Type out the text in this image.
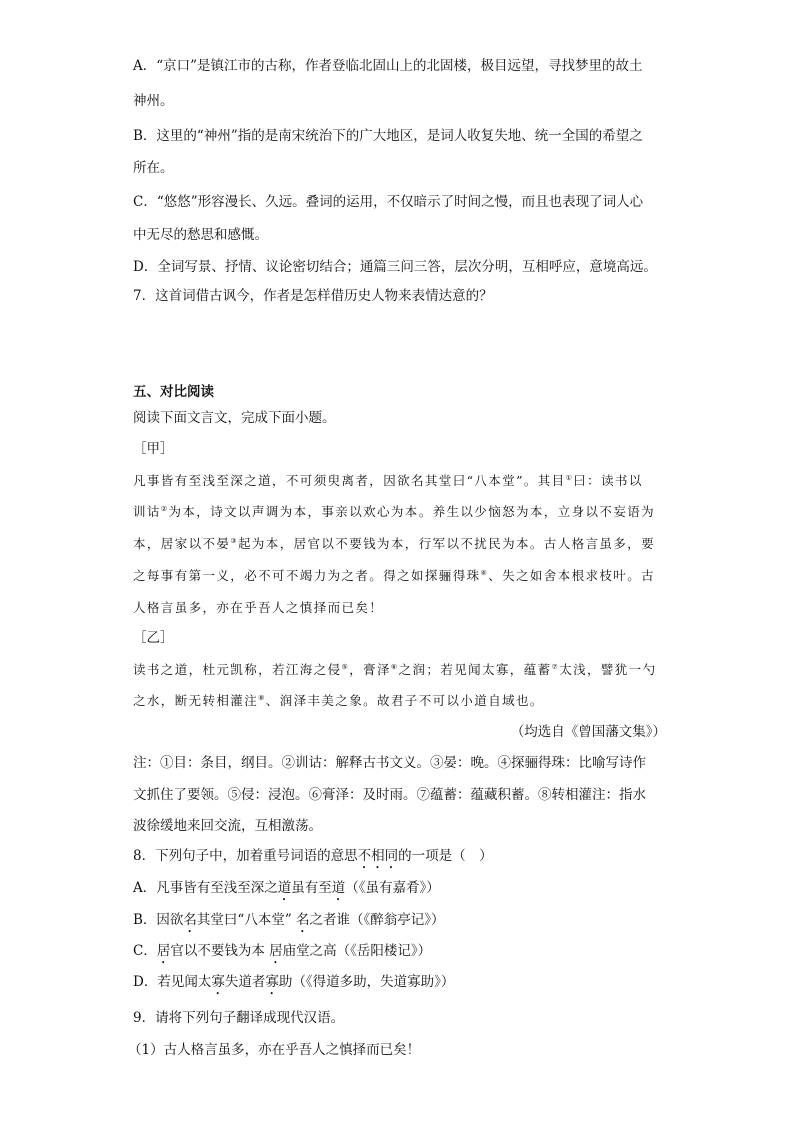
A．“京口”是镇江市的古称，作者登临北固山上的北固楼，极目远望，寻找梦里的故土
神州。
B．这里的“神州”指的是南宋统治下的广大地区，是词人收复失地、统一全国的希望之
所在。
C．“悠悠”形容漫长、久远。叠词的运用，不仅暗示了时间之慢，而且也表现了词人心
中无尽的愁思和感慨。
D．全词写景、抒情、议论密切结合；通篇三问三答，层次分明，互相呼应，意境高远。
7．这首词借古讽今，作者是怎样借历史人物来表情达意的？
五、对比阅读
阅读下面文言文，完成下面小题。
［甲］
凡事皆有至浅至深之道，不可须臾离者，因欲名其堂曰“八本堂”。其目①曰：读书以
训诂②为本，诗文以声调为本，事亲以欢心为本。养生以少恼怒为本，立身以不妄语为
本，居家以不晏③起为本，居官以不要钱为本，行军以不扰民为本。古人格言虽多，要
之每事有第一义，必不可不竭力为之者。得之如探骊得珠④、失之如舍本根求枝叶。古
人格言虽多，亦在乎吾人之慎择而已矣！
［乙］
读书之道，杜元凯称，若江海之侵⑤，膏泽⑥之润；若见闻太寡，蕴蓄⑦太浅，譬犹一勺
之水，断无转相灌注⑧、润泽丰美之象。故君子不可以小道自域也。
（均选自《曾国藩文集》）
注：①目：条目，纲目。②训诂：解释古书文义。③晏：晚。④探骊得珠：比喻写诗作
文抓住了要领。⑤侵：浸泡。⑥膏泽：及时雨。⑦蕴蓄：蕴藏积蓄。⑧转相灌注：指水
波徐缓地来回交流，互相激荡。
8．下列句子中，加着重号词语的意思不相同的一项是（　）
A．凡事皆有至浅至深之道虽有至道（《虽有嘉肴》）
B．因欲名其堂曰“八本堂” 名之者谁（《醉翁亭记》）
C．居官以不要钱为本 居庙堂之高（《岳阳楼记》）
D．若见闻太寡失道者寡助（《得道多助，失道寡助》）
9．请将下列句子翻译成现代汉语。
（1）古人格言虽多，亦在乎吾人之慎择而已矣！
